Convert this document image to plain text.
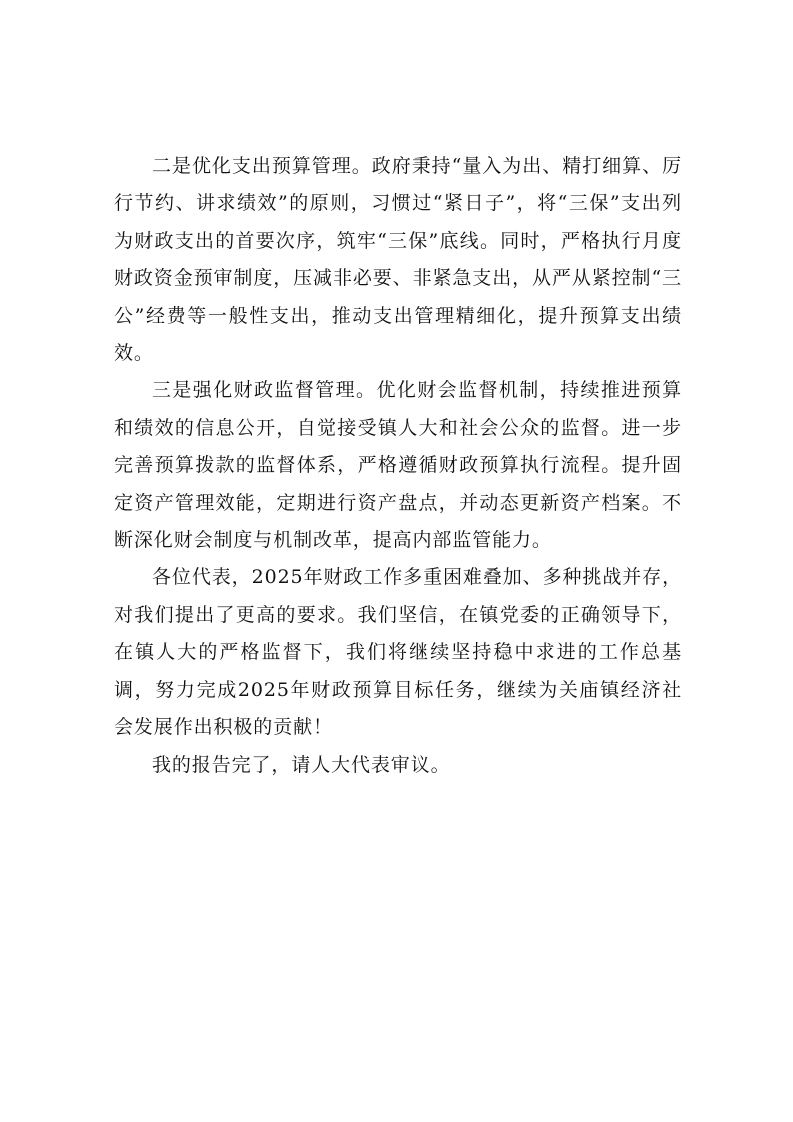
二是优化支出预算管理。政府秉持“量入为出、精打细算、厉行节约、讲求绩效”的原则，习惯过“紧日子”，将“三保”支出列为财政支出的首要次序，筑牢“三保”底线。同时，严格执行月度财政资金预审制度，压减非必要、非紧急支出，从严从紧控制“三公”经费等一般性支出，推动支出管理精细化，提升预算支出绩效。

三是强化财政监督管理。优化财会监督机制，持续推进预算和绩效的信息公开，自觉接受镇人大和社会公众的监督。进一步完善预算拨款的监督体系，严格遵循财政预算执行流程。提升固定资产管理效能，定期进行资产盘点，并动态更新资产档案。不断深化财会制度与机制改革，提高内部监管能力。

各位代表，2025年财政工作多重困难叠加、多种挑战并存，对我们提出了更高的要求。我们坚信，在镇党委的正确领导下，在镇人大的严格监督下，我们将继续坚持稳中求进的工作总基调，努力完成2025年财政预算目标任务，继续为关庙镇经济社会发展作出积极的贡献！

我的报告完了，请人大代表审议。
